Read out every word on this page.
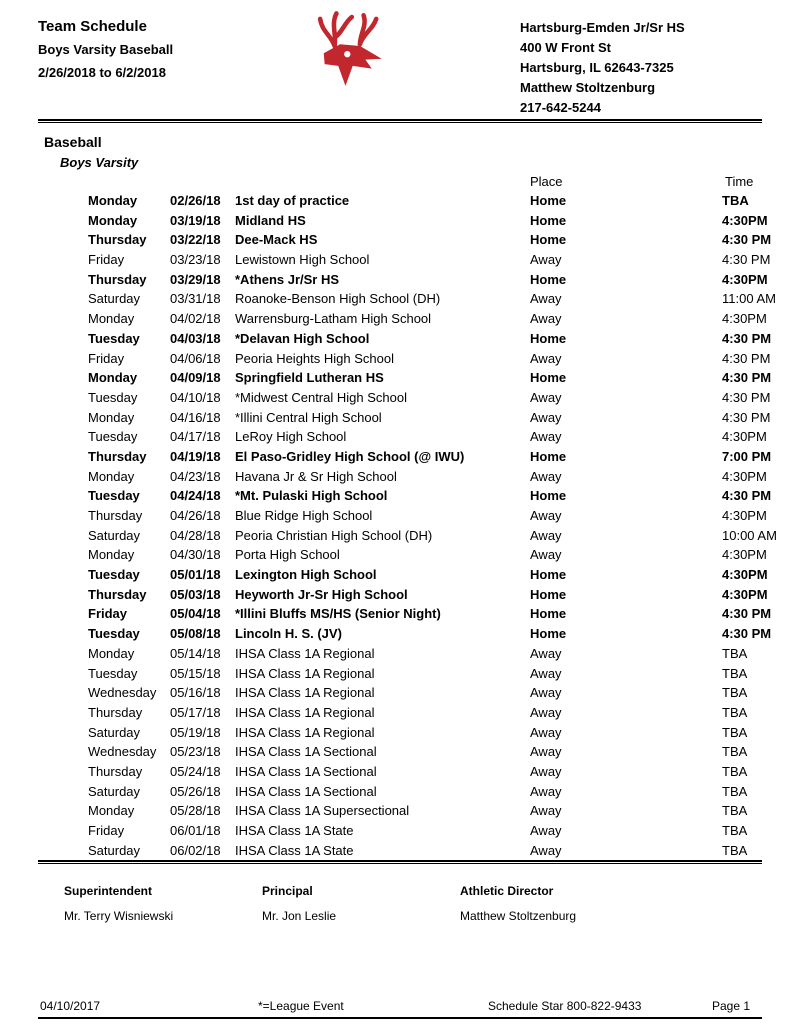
Team Schedule
Boys Varsity Baseball
2/26/2018 to 6/2/2018
Hartsburg-Emden Jr/Sr HS
400 W Front St
Hartsburg, IL 62643-7325
Matthew Stoltzenburg
217-642-5244
Baseball
Boys Varsity
Place	Time
Monday	02/26/18 1st day of practice	Home	TBA
Monday	03/19/18 Midland HS	Home	4:30PM
Thursday 03/22/18 Dee-Mack HS	Home	4:30 PM
Friday	03/23/18 Lewistown High School	Away	4:30 PM
Thursday 03/29/18 *Athens Jr/Sr HS	Home	4:30PM
Saturday 03/31/18 Roanoke-Benson High School (DH)	Away	11:00 AM
Monday	04/02/18 Warrensburg-Latham High School	Away	4:30PM
Tuesday 04/03/18 *Delavan High School	Home	4:30 PM
Friday	04/06/18 Peoria Heights High School	Away	4:30 PM
Monday	04/09/18 Springfield Lutheran HS	Home	4:30 PM
Tuesday	04/10/18 *Midwest Central High School	Away	4:30 PM
Monday	04/16/18 *Illini Central High School	Away	4:30 PM
Tuesday	04/17/18 LeRoy High School	Away	4:30PM
Thursday 04/19/18 El Paso-Gridley High School (@ IWU)	Home	7:00 PM
Monday	04/23/18 Havana Jr & Sr High School	Away	4:30PM
Tuesday 04/24/18 *Mt. Pulaski High School	Home	4:30 PM
Thursday 04/26/18 Blue Ridge High School	Away	4:30PM
Saturday 04/28/18 Peoria Christian High School (DH)	Away	10:00 AM
Monday	04/30/18 Porta High School	Away	4:30PM
Tuesday 05/01/18 Lexington High School	Home	4:30PM
Thursday 05/03/18 Heyworth Jr-Sr High School	Home	4:30PM
Friday	05/04/18 *Illini Bluffs MS/HS (Senior Night)	Home	4:30 PM
Tuesday 05/08/18 Lincoln H. S. (JV)	Home	4:30 PM
Monday	05/14/18 IHSA Class 1A Regional	Away	TBA
Tuesday	05/15/18 IHSA Class 1A Regional	Away	TBA
Wednesday 05/16/18 IHSA Class 1A Regional	Away	TBA
Thursday 05/17/18 IHSA Class 1A Regional	Away	TBA
Saturday 05/19/18 IHSA Class 1A Regional	Away	TBA
Wednesday 05/23/18 IHSA Class 1A Sectional	Away	TBA
Thursday 05/24/18 IHSA Class 1A Sectional	Away	TBA
Saturday 05/26/18 IHSA Class 1A Sectional	Away	TBA
Monday	05/28/18 IHSA Class 1A Supersectional	Away	TBA
Friday	06/01/18 IHSA Class 1A State	Away	TBA
Saturday 06/02/18 IHSA Class 1A State	Away	TBA
Superintendent
Mr. Terry Wisniewski
Principal
Mr. Jon Leslie
Athletic Director
Matthew Stoltzenburg
04/10/2017	*=League Event	Schedule Star 800-822-9433	Page 1
